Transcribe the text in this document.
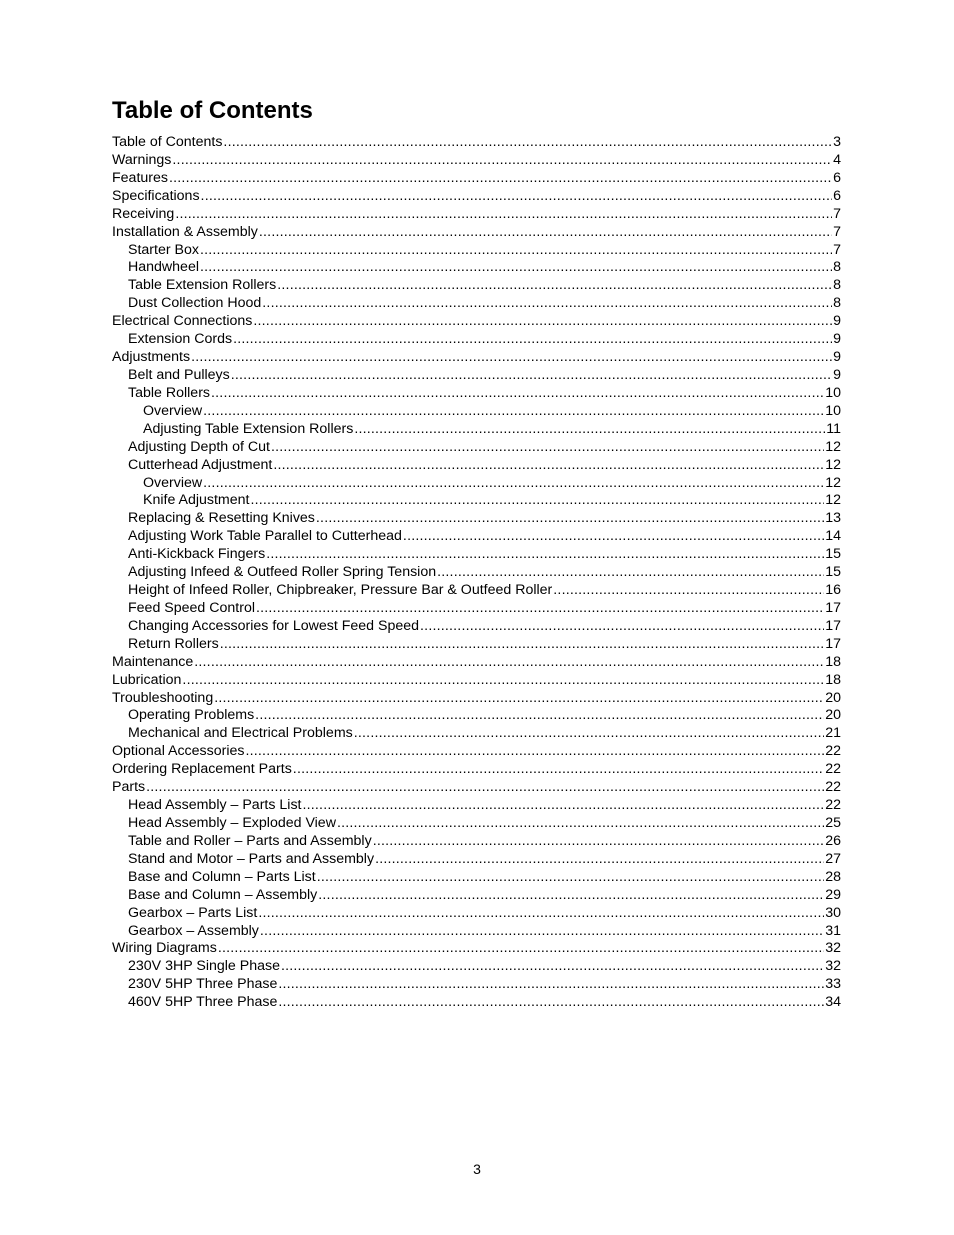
Table of Contents
Table of Contents .....	3
Warnings .....	4
Features .....	6
Specifications .....	6
Receiving .....	7
Installation & Assembly .....	7
Starter Box .....	7
Handwheel .....	8
Table Extension Rollers .....	8
Dust Collection Hood .....	8
Electrical Connections .....	9
Extension Cords .....	9
Adjustments .....	9
Belt and Pulleys .....	9
Table Rollers .....	10
Overview .....	10
Adjusting Table Extension Rollers .....	11
Adjusting Depth of Cut .....	12
Cutterhead Adjustment .....	12
Overview .....	12
Knife Adjustment .....	12
Replacing & Resetting Knives .....	13
Adjusting Work Table Parallel to Cutterhead .....	14
Anti-Kickback Fingers .....	15
Adjusting Infeed & Outfeed Roller Spring Tension .....	15
Height of Infeed Roller, Chipbreaker, Pressure Bar & Outfeed Roller .....	16
Feed Speed Control .....	17
Changing Accessories for Lowest Feed Speed .....	17
Return Rollers .....	17
Maintenance .....	18
Lubrication .....	18
Troubleshooting .....	20
Operating Problems .....	20
Mechanical and Electrical Problems .....	21
Optional Accessories .....	22
Ordering Replacement Parts .....	22
Parts .....	22
Head Assembly – Parts List .....	22
Head Assembly – Exploded View .....	25
Table and Roller – Parts and Assembly .....	26
Stand and Motor – Parts and Assembly .....	27
Base and Column – Parts List .....	28
Base and Column – Assembly .....	29
Gearbox – Parts List .....	30
Gearbox – Assembly .....	31
Wiring Diagrams .....	32
230V 3HP Single Phase .....	32
230V 5HP Three Phase .....	33
460V 5HP Three Phase .....	34
3
